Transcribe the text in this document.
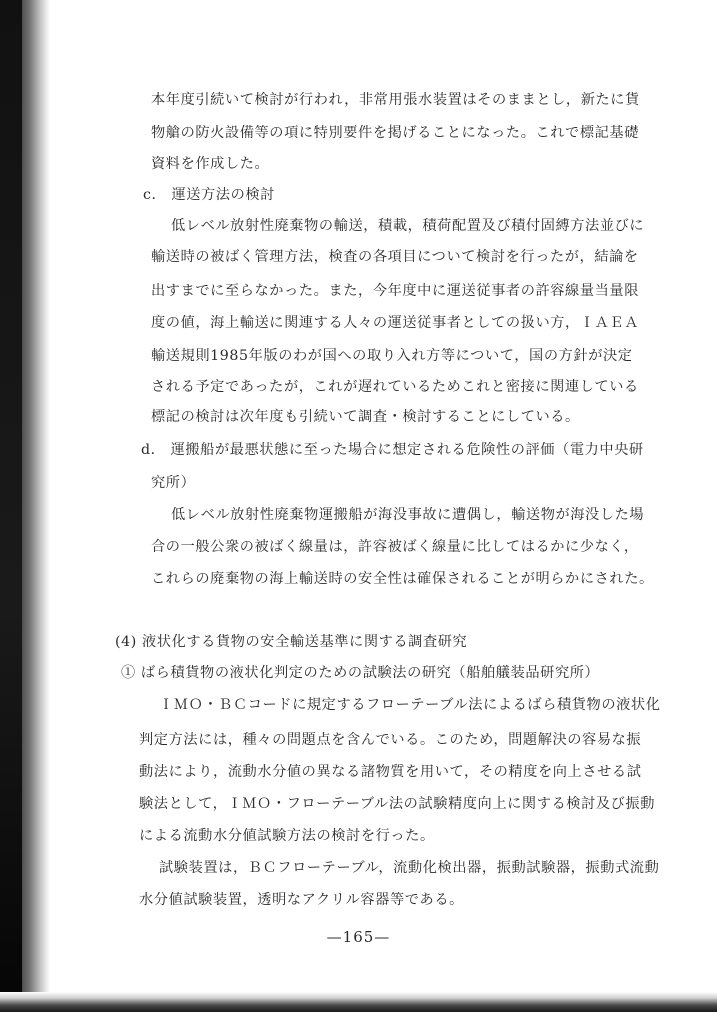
本年度引続いて検討が行われ，非常用張水装置はそのままとし，新たに貨
物艙の防火設備等の項に特別要件を掲げることになった。これで標記基礎
資料を作成した。
c． 運送方法の検討
低レベル放射性廃棄物の輸送，積載，積荷配置及び積付固縛方法並びに
輸送時の被ばく管理方法，検査の各項目について検討を行ったが，結論を
出すまでに至らなかった。また，今年度中に運送従事者の許容線量当量限
度の値，海上輸送に関連する人々の運送従事者としての扱い方，ＩＡＥＡ
輸送規則1985年版のわが国への取り入れ方等について，国の方針が決定
される予定であったが，これが遅れているためこれと密接に関連している
標記の検討は次年度も引続いて調査・検討することにしている。
d． 運搬船が最悪状態に至った場合に想定される危険性の評価（電力中央研
究所）
低レベル放射性廃棄物運搬船が海没事故に遭偶し，輸送物が海没した場
合の一般公衆の被ばく線量は，許容被ばく線量に比してはるかに少なく，
これらの廃棄物の海上輸送時の安全性は確保されることが明らかにされた。
(4) 液状化する貨物の安全輸送基準に関する調査研究
① ばら積貨物の液状化判定のための試験法の研究（船舶艤装品研究所）
ＩＭＯ・ＢＣコードに規定するフローテーブル法によるばら積貨物の液状化
判定方法には，種々の問題点を含んでいる。このため，問題解決の容易な振
動法により，流動水分値の異なる諸物質を用いて，その精度を向上させる試
験法として，ＩＭＯ・フローテーブル法の試験精度向上に関する検討及び振動
による流動水分値試験方法の検討を行った。
試験装置は，ＢＣフローテーブル，流動化検出器，振動試験器，振動式流動
水分値試験装置，透明なアクリル容器等である。
—165—
